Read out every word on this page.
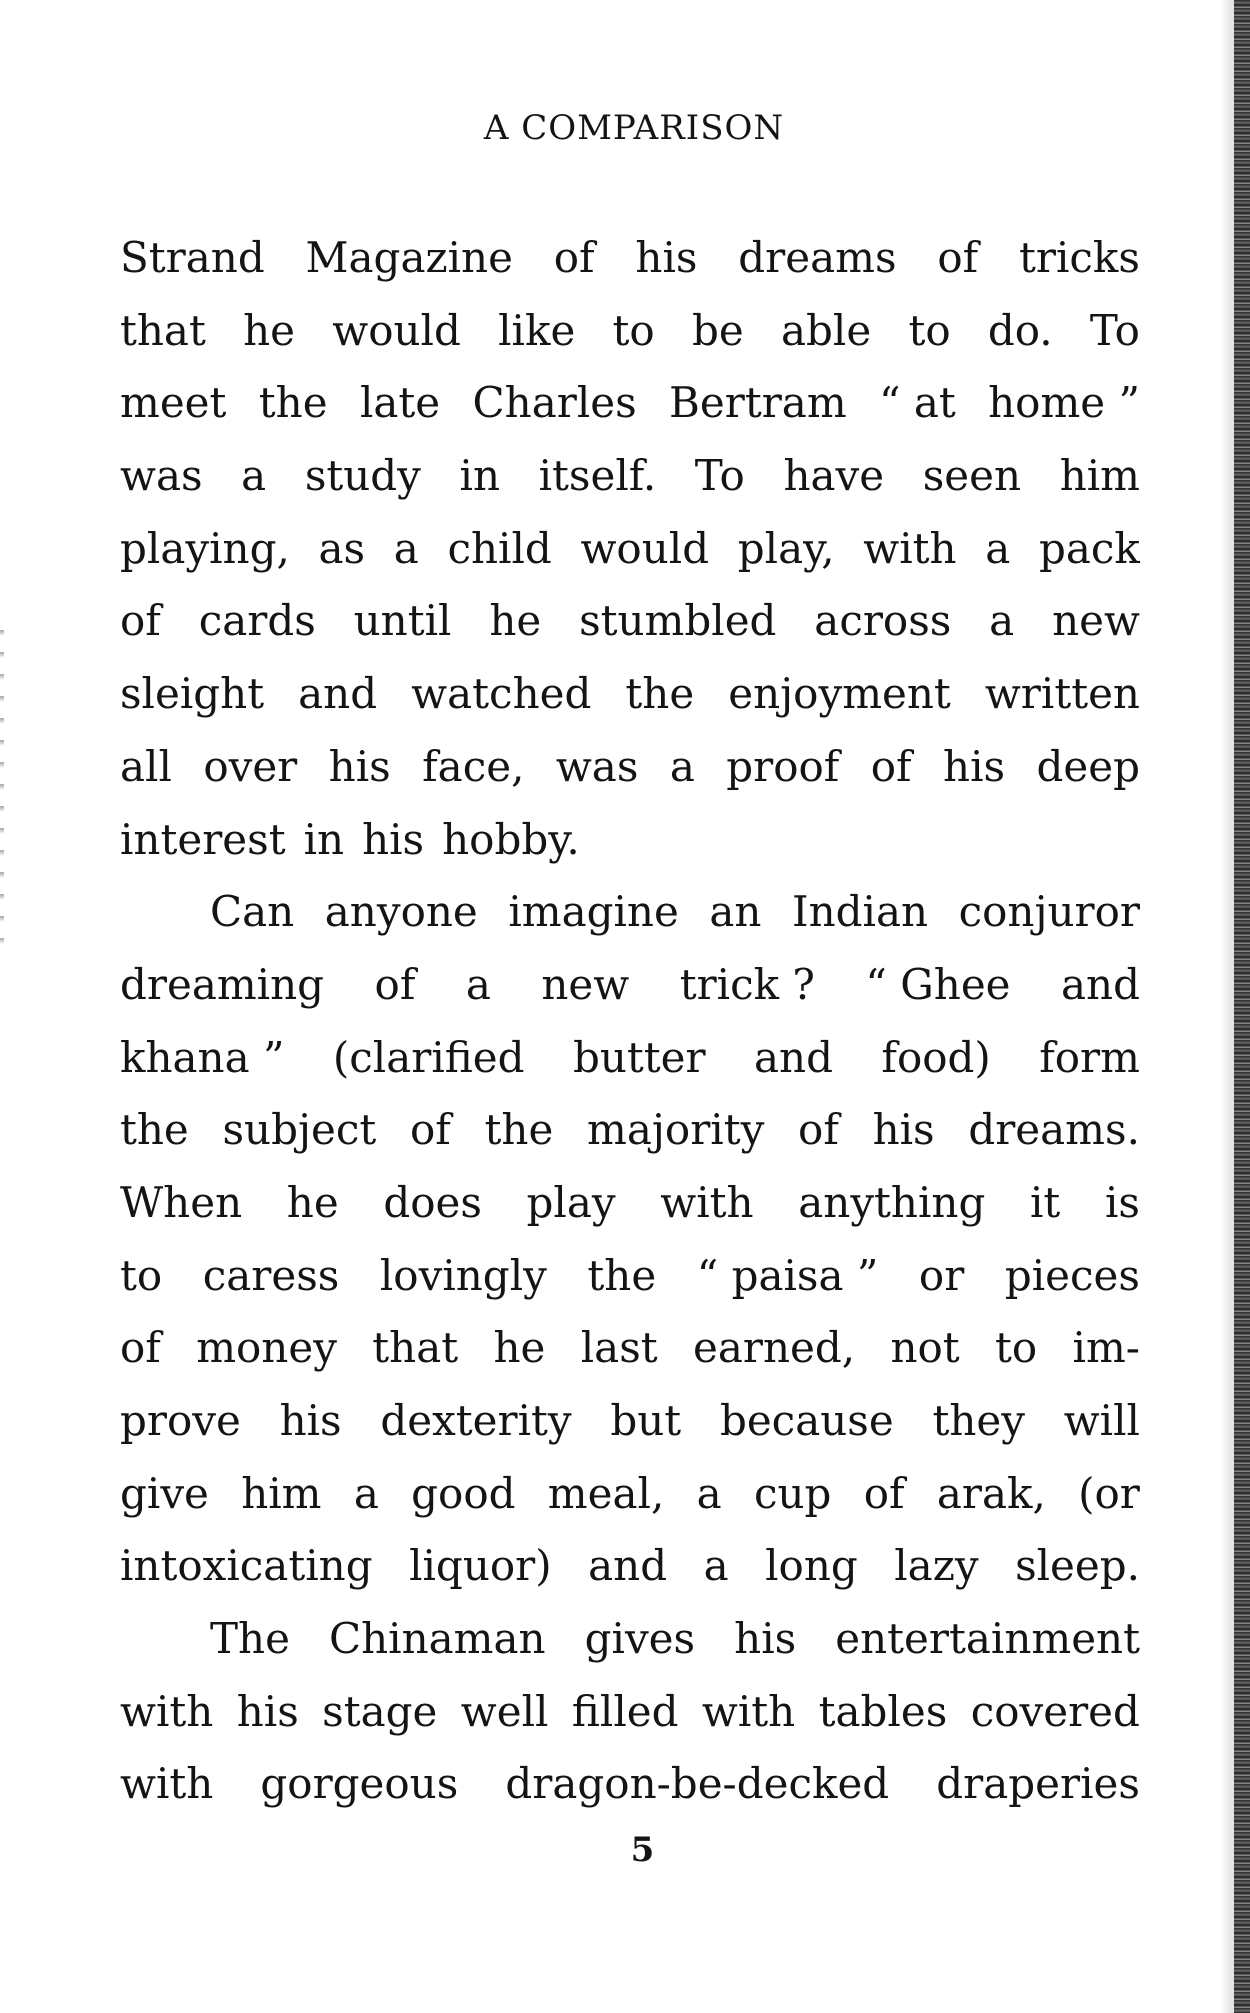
A COMPARISON
Strand Magazine of his dreams of tricks
that he would like to be able to do. To
meet the late Charles Bertram “ at home ”
was a study in itself. To have seen him
playing, as a child would play, with a pack
of cards until he stumbled across a new
sleight and watched the enjoyment written
all over his face, was a proof of his deep
interest in his hobby.
Can anyone imagine an Indian conjuror
dreaming of a new trick ? “ Ghee and
khana ” (clarified butter and food) form
the subject of the majority of his dreams.
When he does play with anything it is
to caress lovingly the “ paisa ” or pieces
of money that he last earned, not to im-
prove his dexterity but because they will
give him a good meal, a cup of arak, (or
intoxicating liquor) and a long lazy sleep.
The Chinaman gives his entertainment
with his stage well filled with tables covered
with gorgeous dragon-be-decked draperies
5
